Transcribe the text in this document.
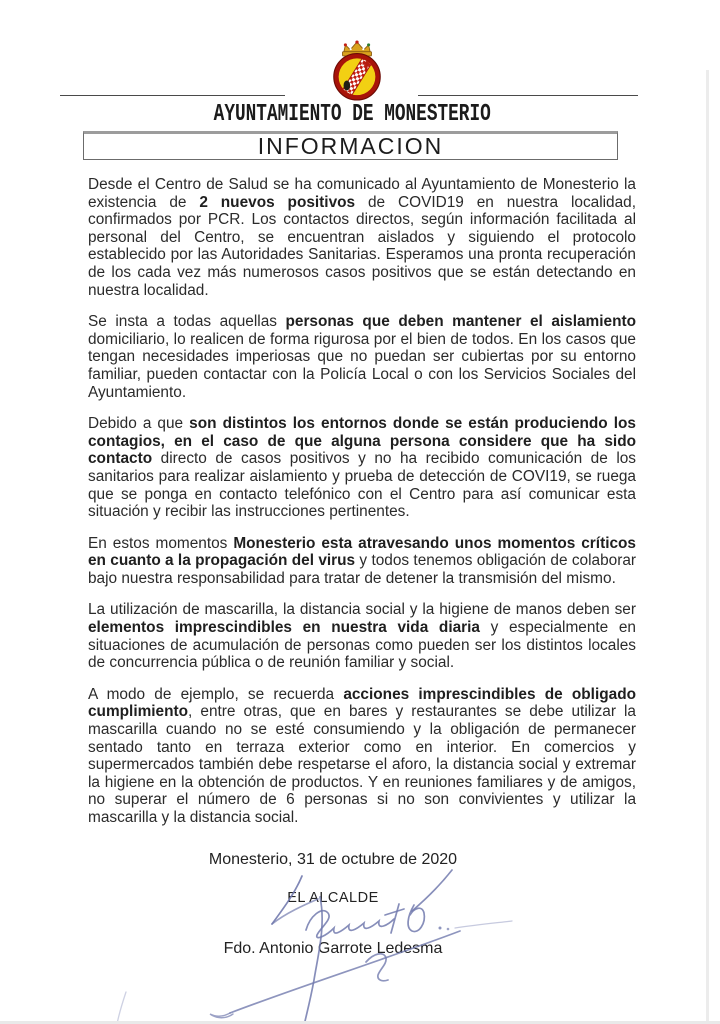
AYUNTAMIENTO DE MONESTERIO
INFORMACION

Desde el Centro de Salud se ha comunicado al Ayuntamiento de Monesterio la existencia de 2 nuevos positivos de COVID19 en nuestra localidad, confirmados por PCR. Los contactos directos, según información facilitada al personal del Centro, se encuentran aislados y siguiendo el protocolo establecido por las Autoridades Sanitarias. Esperamos una pronta recuperación de los cada vez más numerosos casos positivos que se están detectando en nuestra localidad.

Se insta a todas aquellas personas que deben mantener el aislamiento domiciliario, lo realicen de forma rigurosa por el bien de todos. En los casos que tengan necesidades imperiosas que no puedan ser cubiertas por su entorno familiar, pueden contactar con la Policía Local o con los Servicios Sociales del Ayuntamiento.

Debido a que son distintos los entornos donde se están produciendo los contagios, en el caso de que alguna persona considere que ha sido contacto directo de casos positivos y no ha recibido comunicación de los sanitarios para realizar aislamiento y prueba de detección de COVI19, se ruega que se ponga en contacto telefónico con el Centro para así comunicar esta situación y recibir las instrucciones pertinentes.

En estos momentos Monesterio esta atravesando unos momentos críticos en cuanto a la propagación del virus y todos tenemos obligación de colaborar bajo nuestra responsabilidad para tratar de detener la transmisión del mismo.

La utilización de mascarilla, la distancia social y la higiene de manos deben ser elementos imprescindibles en nuestra vida diaria y especialmente en situaciones de acumulación de personas como pueden ser los distintos locales de concurrencia pública o de reunión familiar y social.

A modo de ejemplo, se recuerda acciones imprescindibles de obligado cumplimiento, entre otras, que en bares y restaurantes se debe utilizar la mascarilla cuando no se esté consumiendo y la obligación de permanecer sentado tanto en terraza exterior como en interior. En comercios y supermercados también debe respetarse el aforo, la distancia social y extremar la higiene en la obtención de productos. Y en reuniones familiares y de amigos, no superar el número de 6 personas si no son convivientes y utilizar la mascarilla y la distancia social.

Monesterio, 31 de octubre de 2020
EL ALCALDE
Fdo. Antonio Garrote Ledesma
